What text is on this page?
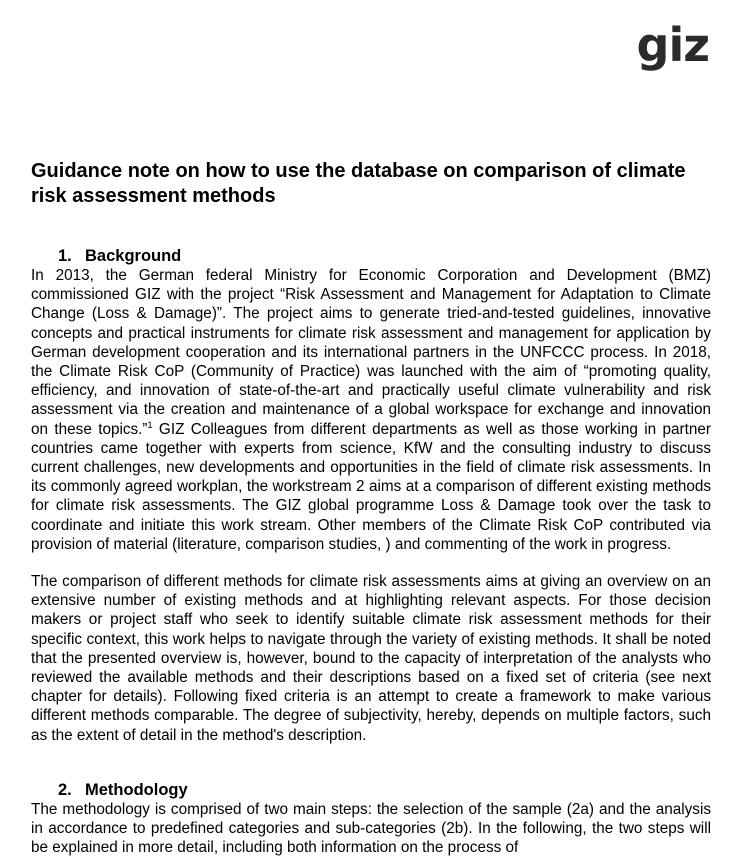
giz
Guidance note on how to use the database on comparison of climate risk assessment methods
1. Background

In 2013, the German federal Ministry for Economic Corporation and Development (BMZ) commissioned GIZ with the project “Risk Assessment and Management for Adaptation to Climate Change (Loss & Damage)”. The project aims to generate tried-and-tested guidelines, innovative concepts and practical instruments for climate risk assessment and management for application by German development cooperation and its international partners in the UNFCCC process. In 2018, the Climate Risk CoP (Community of Practice) was launched with the aim of “promoting quality, efficiency, and innovation of state-of-the-art and practically useful climate vulnerability and risk assessment via the creation and maintenance of a global workspace for exchange and innovation on these topics.”$^1$ GIZ Colleagues from different departments as well as those working in partner countries came together with experts from science, KfW and the consulting industry to discuss current challenges, new developments and opportunities in the field of climate risk assessments. In its commonly agreed workplan, the workstream 2 aims at a comparison of different existing methods for climate risk assessments. The GIZ global programme Loss & Damage took over the task to coordinate and initiate this work stream. Other members of the Climate Risk CoP contributed via provision of material (literature, comparison studies, ) and commenting of the work in progress.

The comparison of different methods for climate risk assessments aims at giving an overview on an extensive number of existing methods and at highlighting relevant aspects. For those decision makers or project staff who seek to identify suitable climate risk assessment methods for their specific context, this work helps to navigate through the variety of existing methods. It shall be noted that the presented overview is, however, bound to the capacity of interpretation of the analysts who reviewed the available methods and their descriptions based on a fixed set of criteria (see next chapter for details). Following fixed criteria is an attempt to create a framework to make various different methods comparable. The degree of subjectivity, hereby, depends on multiple factors, such as the extent of detail in the method's description.

2. Methodology

The methodology is comprised of two main steps: the selection of the sample (2a) and the analysis in accordance to predefined categories and sub-categories (2b). In the following, the two steps will be explained in more detail, including both information on the process of
